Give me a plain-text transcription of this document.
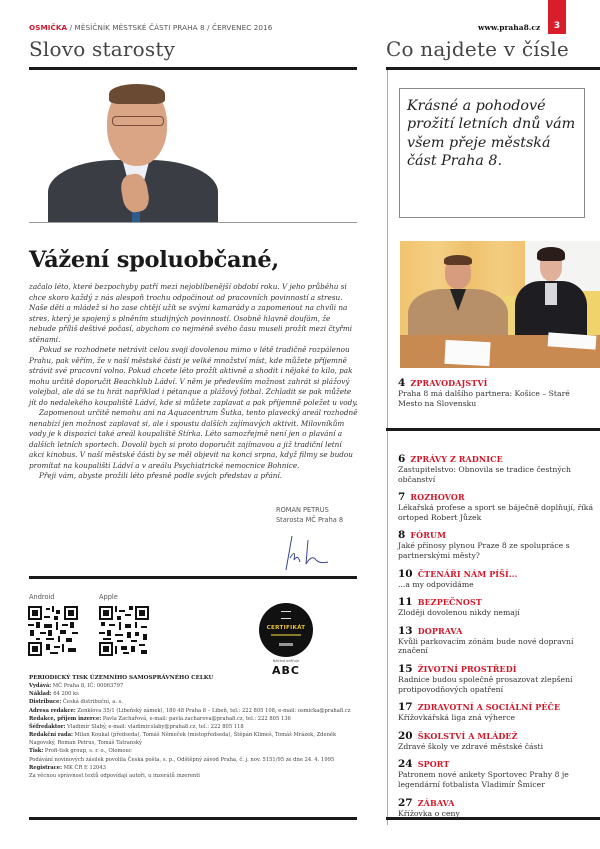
OSMIČKA / MĚSÍČNÍK MĚSTSKÉ ČÁSTI PRAHA 8 / ČERVENEC 2016	www.praha8.cz	3
Slovo starosty	Co najdete v čísle
Vážení spoluobčané,

začalo léto, které bezpochyby patří mezi nejoblíbenější období roku. V jeho průběhu si chce skoro každý z nás alespoň trochu odpočinout od pracovních povinností a stresu. Naše děti a mládež si ho zase chtějí užít se svými kamarády a zapomenout na chvíli na stres, který je spojený s plněním studijných povinností. Osobně hlavně doufám, že nebude příliš deštivé počasí, abychom co nejméně svého času museli prožít mezi čtyřmi stěnami.

Pokud se rozhodnete netrávit celou svoji dovolenou mimo v létě tradičně rozpálenou Prahu, pak věřím, že v naší městské části je velké množství míst, kde můžete příjemně strávit své pracovní volno. Pokud chcete léto prožít aktivně a shodit i nějaké to kilo, pak mohu určitě doporučit Beachklub Ládví. V něm je především možnost zahrát si plážový volejbal, ale dá se tu hrát například i pétanque a plážový fotbal. Zchladit se pak můžete jít do nedalekého koupaliště Ládví, kde si můžete zaplavat a pak příjemně poležet u vody.

Zapomenout určitě nemohu ani na Aquacentrum Šutka, tento plavecký areál rozhodně nenabízí jen možnost zaplavat si, ale i spoustu dalších zajímavých aktivit. Milovníkům vody je k dispozici také areál koupaliště Stírka. Léto samozřejmě není jen o plavání a dalších letních sportech. Dovolil bych si proto doporučit zajímavou a již tradiční letní akci kinobus. V naší městské části by se měl objevit na konci srpna, když filmy se budou promítat na koupališti Ládví a v areálu Psychiatrické nemocnice Bohnice.

Přeji vám, abyste prožili léto přesně podle svých představ a přání.

ROMAN PETRUS
Starosta MČ Praha 8
Android	Apple
CERTIFIKÁT
Náklad ověřuje
ABC
PERIODICKÝ TISK ÚZEMNÍHO SAMOSPRÁVNÉHO CELKU
Vydává: MČ Praha 8, IČ: 00063797
Náklad: 64 200 ks
Distribuce: Česká distribuční, a. s.
Adresa redakce: Zenklova 35/1 (Libeňský zámek), 180 48 Praha 8 – Libeň, tel.: 222 805 108, e-mail: osmicka@praha8.cz
Redakce, příjem inzerce: Pavla Zachařová, e-mail: pavla.zacharova@praha8.cz, tel.: 222 805 136
Šéfredaktor: Vladimír Slabý, e-mail: vladimir.slaby@praha8.cz, tel.: 222 805 118
Redakční rada: Milan Koukal (předseda), Tomáš Němeček (místopředseda), Štěpán Klimeš, Tomáš Mrázek, Zdeněk Nagovský, Roman Petrus, Tomáš Tatranský
Tisk: Profi-tisk group, s. r. o., Olomouc
Podávání novinových zásilek povolila Česká pošta, s. p., Odštěpný závod Praha, č. j. nov. 5151/95 ze dne 24. 4. 1995
Registrace: MK ČR E 12043
Za věcnou správnost textů odpovídají autoři, u inzerátů inzerenti
Krásné a pohodové prožití letních dnů vám všem přeje městská část Praha 8.
4 ZPRAVODAJSTVÍ
Praha 8 má dalšího partnera: Košice – Staré Mesto na Slovensku
6 ZPRÁVY Z RADNICE
Zastupitelstvo: Obnovila se tradice čestných občanství
7 ROZHOVOR
Lékařská profese a sport se báječně doplňují, říká ortoped Robert Jůzek
8 FÓRUM
Jaké přínosy plynou Praze 8 ze spolupráce s partnerskými městy?
10 ČTENÁŘI NÁM PÍŠÍ...
...a my odpovídáme
11 BEZPEČNOST
Zloději dovolenou nikdy nemají
13 DOPRAVA
Kvůli parkovacím zónám bude nové dopravní značení
15 ŽIVOTNÍ PROSTŘEDÍ
Radnice budou společně prosazovat zlepšení protipovodňových opatření
17 ZDRAVOTNÍ A SOCIÁLNÍ PÉČE
Křížovkářská liga zná výherce
20 ŠKOLSTVÍ A MLÁDEŽ
Zdravé školy ve zdravé městské části
24 SPORT
Patronem nové ankety Sportovec Prahy 8 je legendární fotbalista Vladimír Šmicer
27 ZÁBAVA
Křížovka o ceny
